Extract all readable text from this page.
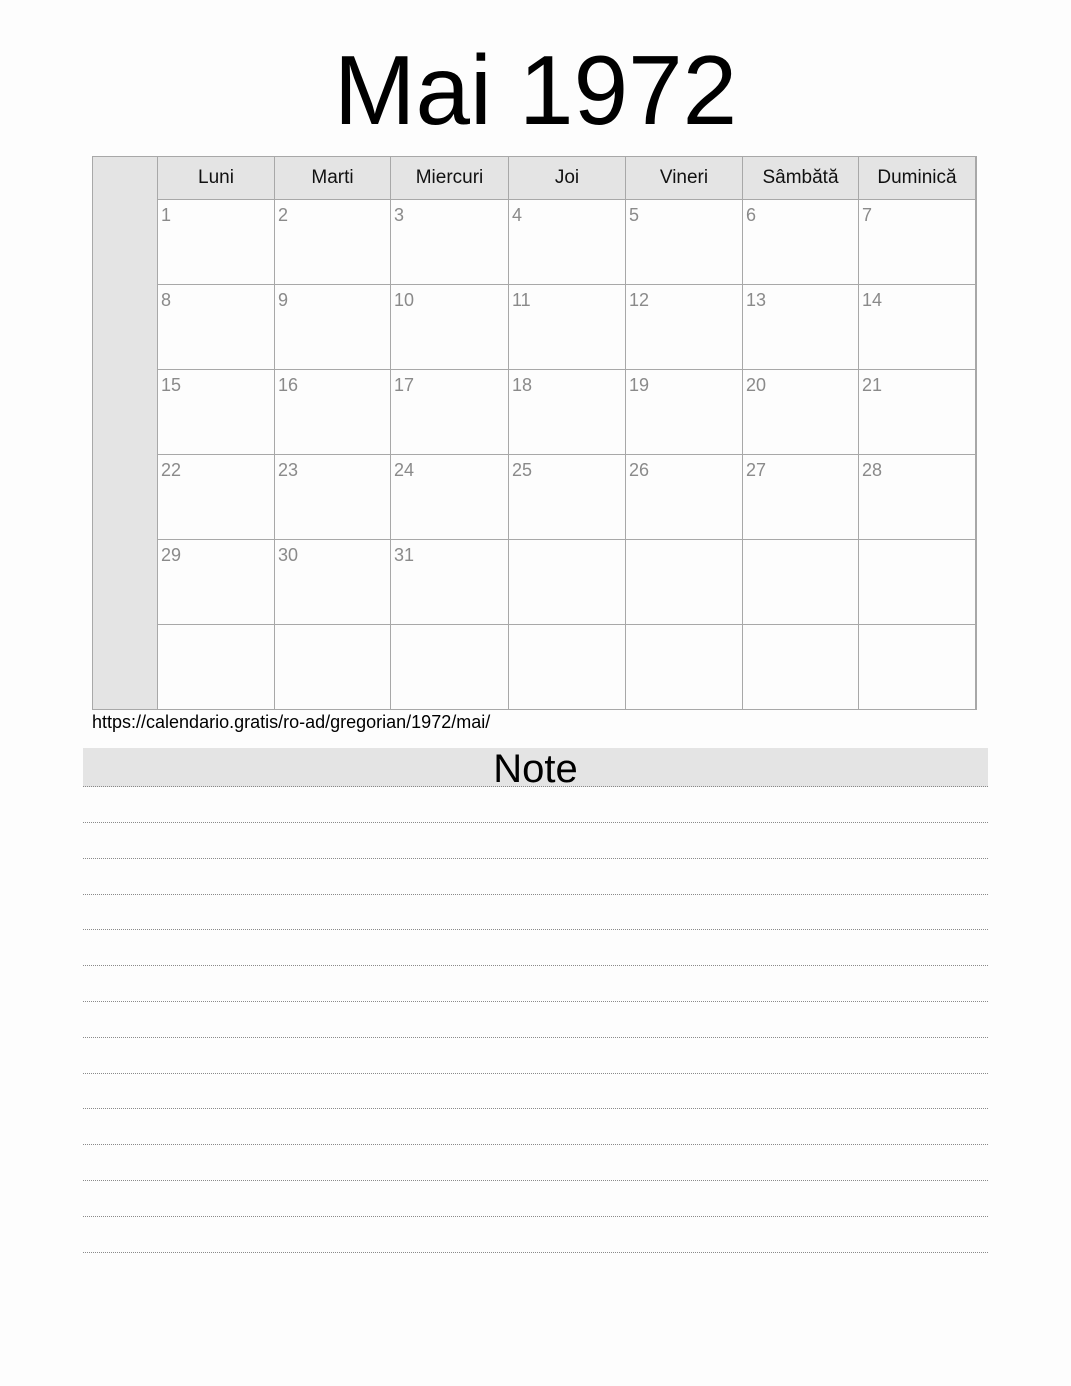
Mai 1972
Luni	Marti	Miercuri	Joi	Vineri	Sâmbătă	Duminică
1	2	3	4	5	6	7
8	9	10	11	12	13	14
15	16	17	18	19	20	21
22	23	24	25	26	27	28
29	30	31
https://calendario.gratis/ro-ad/gregorian/1972/mai/
Note
